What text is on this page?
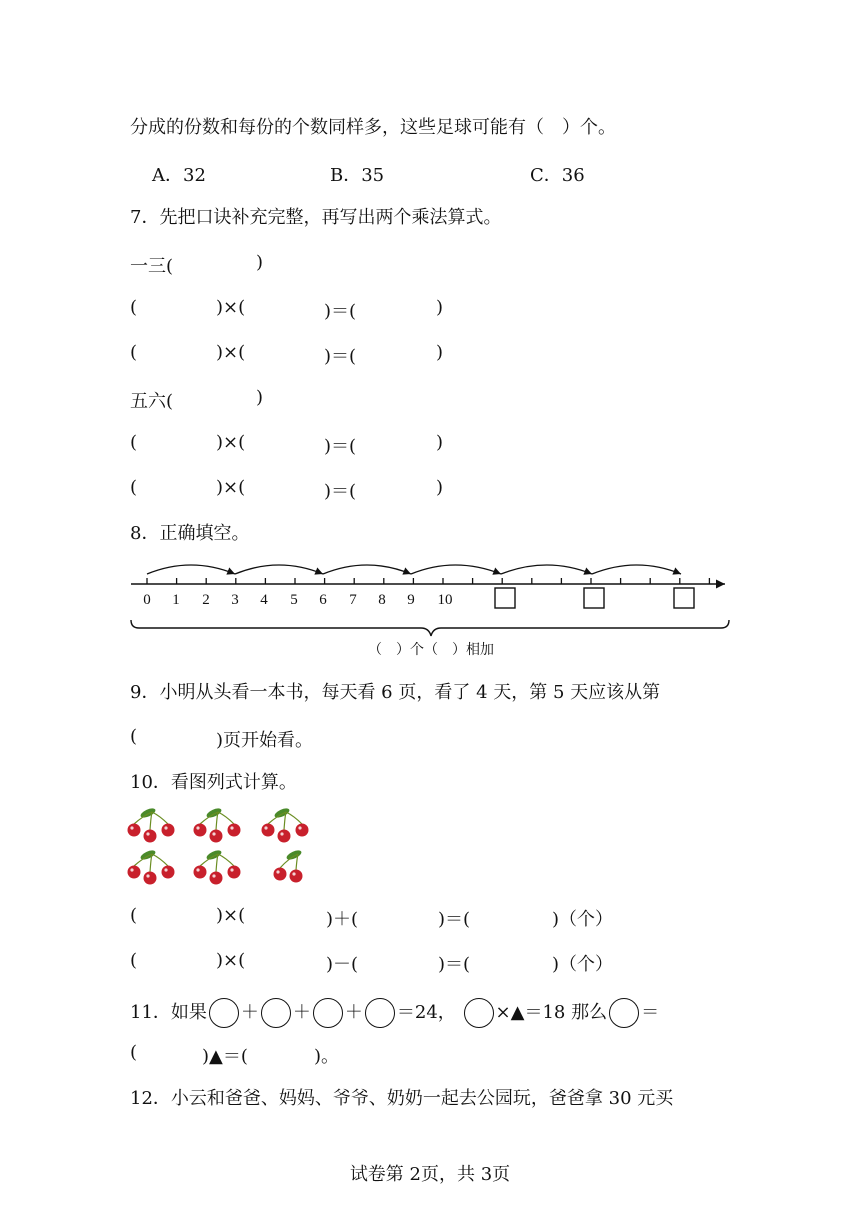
分成的份数和每份的个数同样多，这些足球可能有（　）个。
A．32	B．35	C．36
7．先把口诀补充完整，再写出两个乘法算式。
一三(	)
(	)×(	)＝(	)
(	)×(	)＝(	)
五六(	)
(	)×(	)＝(	)
(	)×(	)＝(	)
8．正确填空。
0 1 2 3 4 5 6 7 8 9 10
（　）个（　）相加
9．小明从头看一本书，每天看 6 页，看了 4 天，第 5 天应该从第
(	)页开始看。
10．看图列式计算。
(	)×(	)＋(	)＝(	)（个）
(	)×(	)－(	)＝(	)（个）
11．如果 ＋ ＋ ＋ ＝24， ×▲＝18 那么 ＝
(	)▲＝(	)。
12．小云和爸爸、妈妈、爷爷、奶奶一起去公园玩，爸爸拿 30 元买
试卷第 2页，共 3页
